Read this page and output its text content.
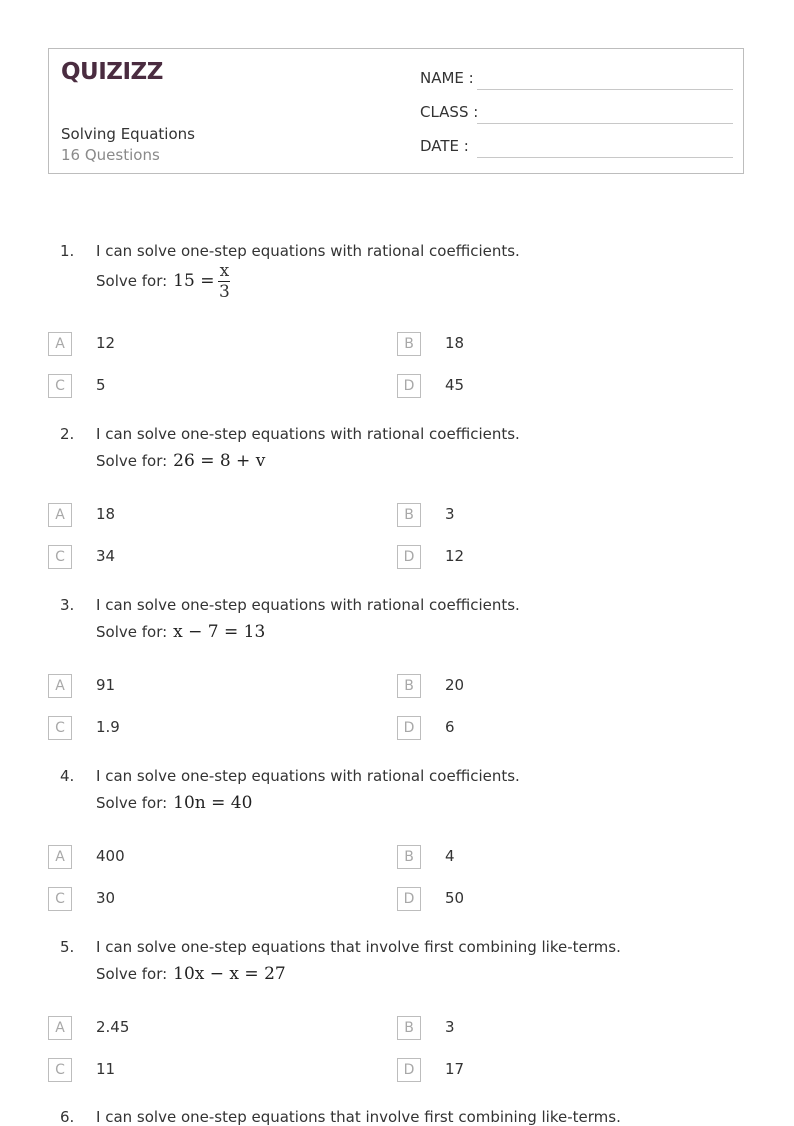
QUIZIZZ
Solving Equations
16 Questions
NAME :
CLASS :
DATE :
1. I can solve one-step equations with rational coefficients.
Solve for: $15 = \frac{x}{3}$
A	12	B	18
C	5	D	45
2. I can solve one-step equations with rational coefficients.
Solve for: 26 = 8 + v
A	18	B	3
C	34	D	12
3. I can solve one-step equations with rational coefficients.
Solve for: x − 7 = 13
A	91	B	20
C	1.9	D	6
4. I can solve one-step equations with rational coefficients.
Solve for: 10n = 40
A	400	B	4
C	30	D	50
5. I can solve one-step equations that involve first combining like-terms.
Solve for: 10x − x = 27
A	2.45	B	3
C	11	D	17
6. I can solve one-step equations that involve first combining like-terms.
